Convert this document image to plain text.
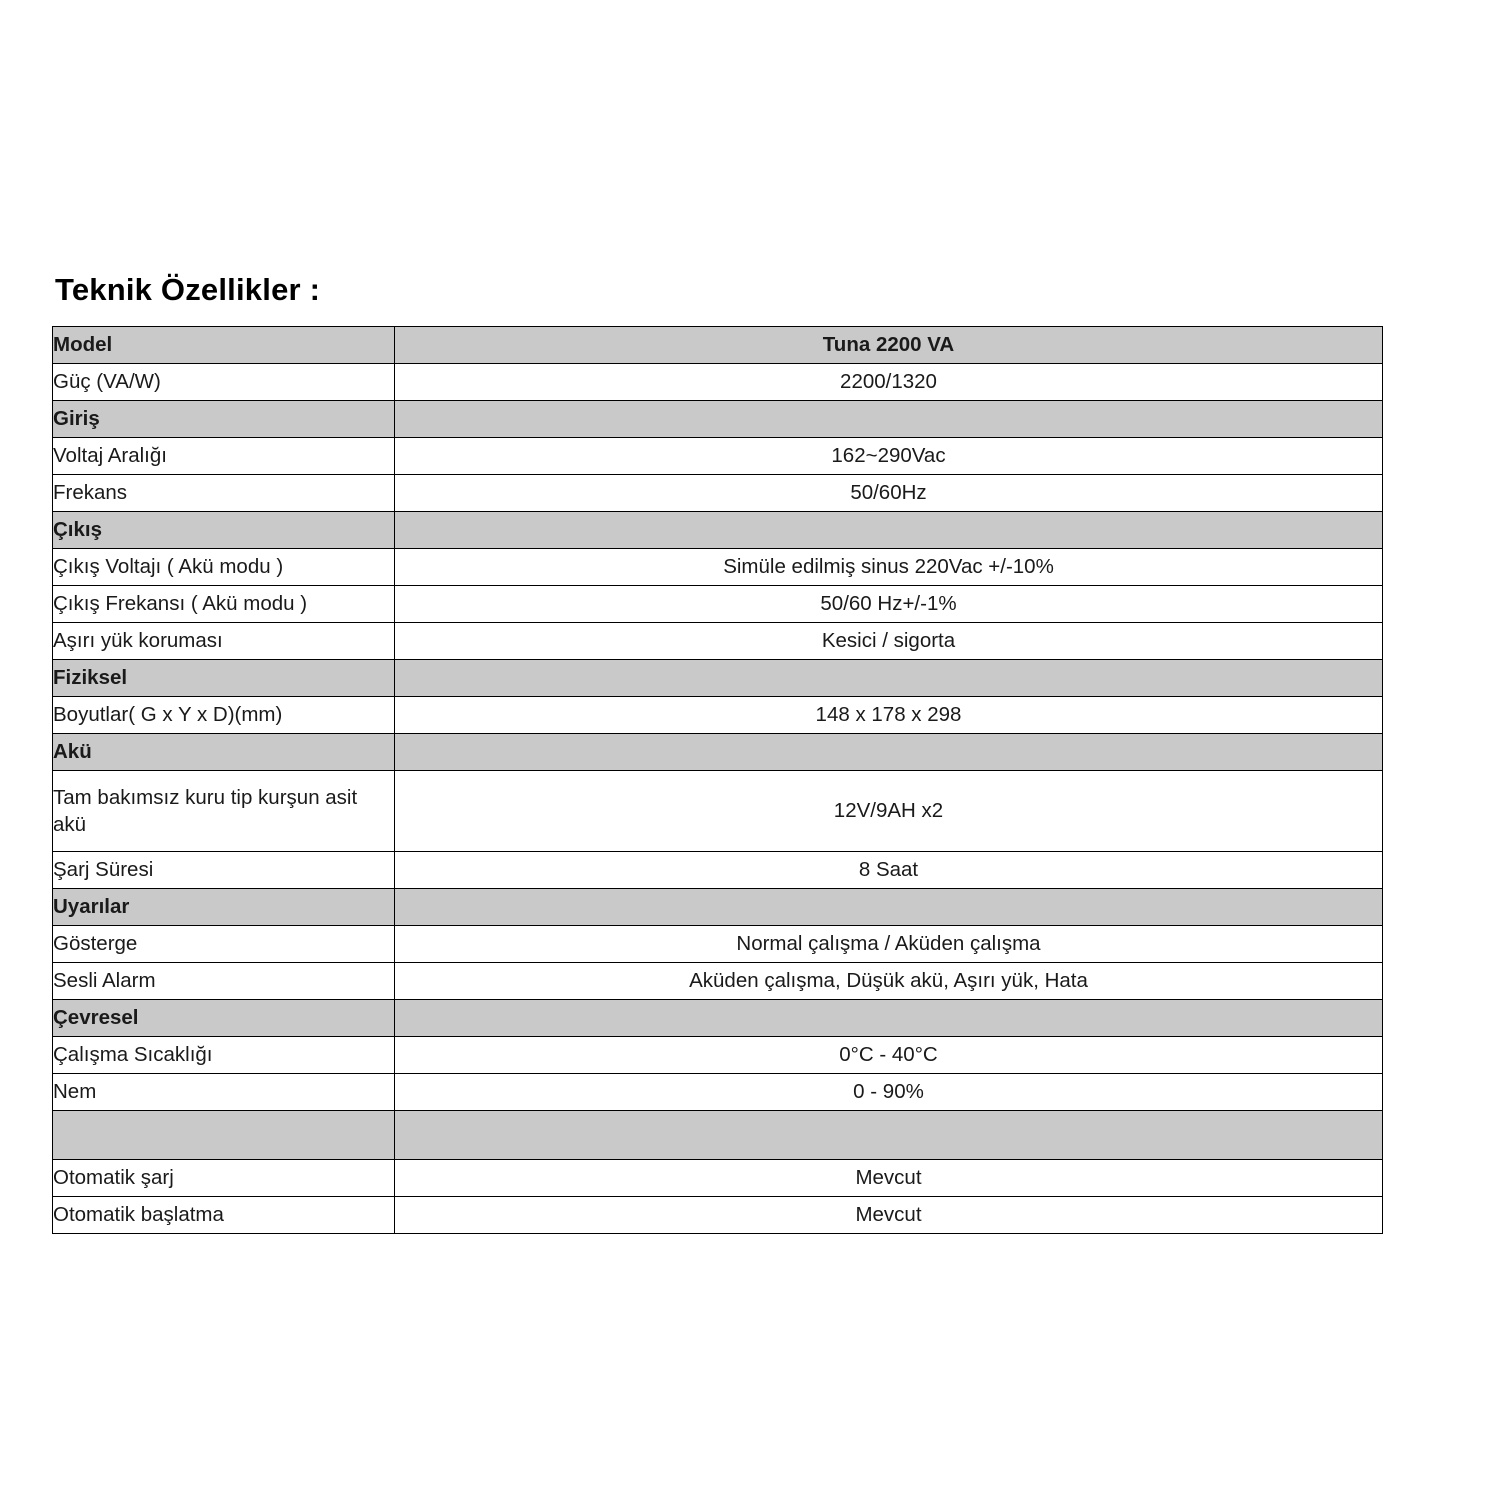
Teknik Özellikler :
Model	Tuna 2200 VA
Güç (VA/W)	2200/1320
Giriş	
Voltaj Aralığı	162~290Vac
Frekans	50/60Hz
Çıkış	
Çıkış Voltajı ( Akü modu )	Simüle edilmiş sinus 220Vac +/-10%
Çıkış Frekansı ( Akü modu )	50/60 Hz+/-1%
Aşırı yük koruması	Kesici / sigorta
Fiziksel	
Boyutlar( G x Y x D)(mm)	148 x 178 x 298
Akü	
Tam bakımsız kuru tip kurşun asit akü	12V/9AH x2
Şarj Süresi	8 Saat
Uyarılar	
Gösterge	Normal çalışma / Aküden çalışma
Sesli Alarm	Aküden çalışma, Düşük akü, Aşırı yük, Hata
Çevresel	
Çalışma Sıcaklığı	0°C - 40°C
Nem	0 - 90%

Otomatik şarj	Mevcut
Otomatik başlatma	Mevcut
